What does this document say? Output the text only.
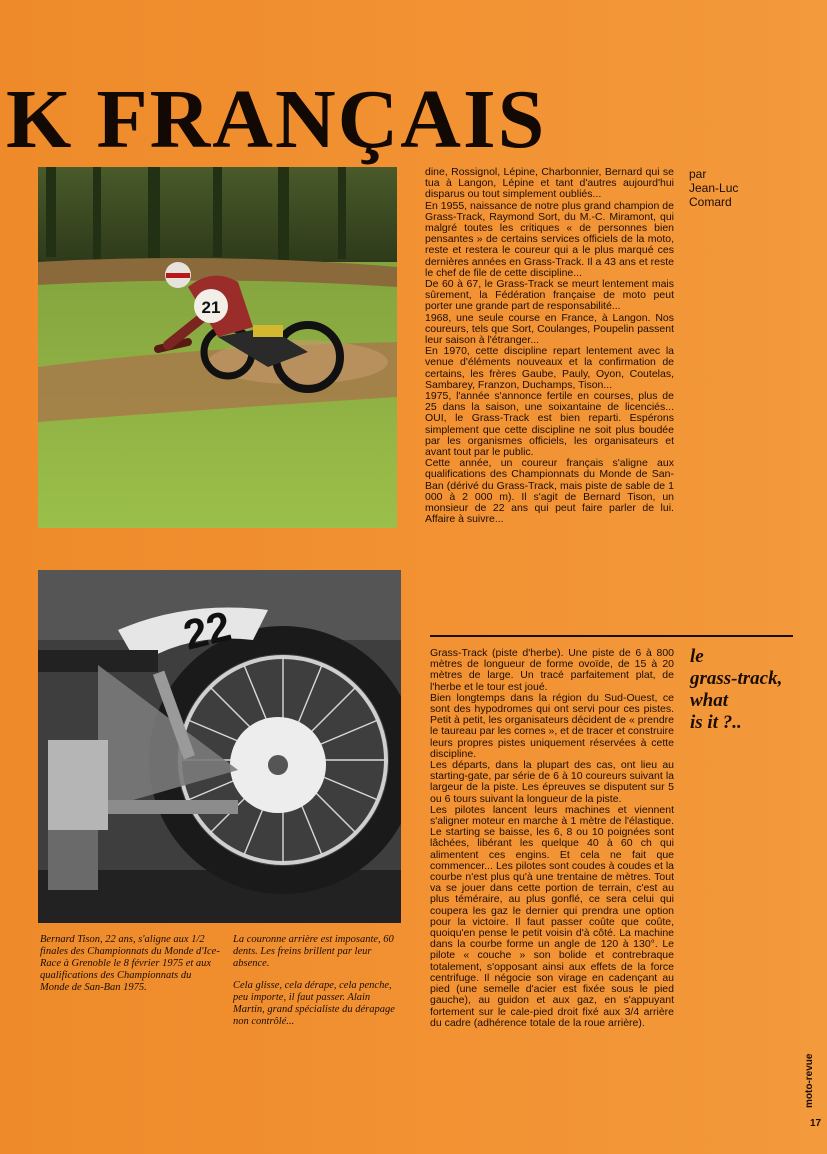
K FRANÇAIS
21
22

dine, Rossignol, Lépine, Charbonnier, Bernard qui se tua à Langon, Lépine et tant d'autres aujourd'hui disparus ou tout simplement oubliés...

En 1955, naissance de notre plus grand champion de Grass-Track, Raymond Sort, du M.-C. Miramont, qui malgré toutes les critiques « de personnes bien pensantes » de certains services officiels de la moto, reste et restera le coureur qui a le plus marqué ces dernières années en Grass-Track. Il a 43 ans et reste le chef de file de cette discipline...

De 60 à 67, le Grass-Track se meurt lentement mais sûrement, la Fédération française de moto peut porter une grande part de responsabilité...

1968, une seule course en France, à Langon. Nos coureurs, tels que Sort, Coulanges, Poupelin passent leur saison à l'étranger...

En 1970, cette discipline repart lentement avec la venue d'éléments nouveaux et la confirmation de certains, les frères Gaube, Pauly, Oyon, Coutelas, Sambarey, Franzon, Duchamps, Tison...

1975, l'année s'annonce fertile en courses, plus de 25 dans la saison, une soixantaine de licenciés... OUI, le Grass-Track est bien reparti. Espérons simplement que cette discipline ne soit plus boudée par les organismes officiels, les organisateurs et avant tout par le public.

Cette année, un coureur français s'aligne aux qualifications des Championnats du Monde de San-Ban (dérivé du Grass-Track, mais piste de sable de 1 000 à 2 000 m). Il s'agit de Bernard Tison, un monsieur de 22 ans qui peut faire parler de lui. Affaire à suivre...

par
Jean-Luc
Comard
le
grass-track,
what
is it ?..

Grass-Track (piste d'herbe). Une piste de 6 à 800 mètres de longueur de forme ovoïde, de 15 à 20 mètres de large. Un tracé parfaitement plat, de l'herbe et le tour est joué.

Bien longtemps dans la région du Sud-Ouest, ce sont des hypodromes qui ont servi pour ces pistes. Petit à petit, les organisateurs décident de « prendre le taureau par les cornes », et de tracer et construire leurs propres pistes uniquement réservées à cette discipline.

Les départs, dans la plupart des cas, ont lieu au starting-gate, par série de 6 à 10 coureurs suivant la largeur de la piste. Les épreuves se disputent sur 5 ou 6 tours suivant la longueur de la piste.

Les pilotes lancent leurs machines et viennent s'aligner moteur en marche à 1 mètre de l'élastique. Le starting se baisse, les 6, 8 ou 10 poignées sont lâchées, libérant les quelque 40 à 60 ch qui alimentent ces engins. Et cela ne fait que commencer... Les pilotes sont coudes à coudes et la courbe n'est plus qu'à une trentaine de mètres. Tout va se jouer dans cette portion de terrain, c'est au plus téméraire, au plus gonflé, ce sera celui qui coupera les gaz le dernier qui prendra une option pour la victoire. Il faut passer coûte que coûte, quoiqu'en pense le petit voisin d'à côté. La machine dans la courbe forme un angle de 120 à 130°. Le pilote « couche » son bolide et contrebraque totalement, s'opposant ainsi aux effets de la force centrifuge. Il négocie son virage en cadençant au pied (une semelle d'acier est fixée sous le pied gauche), au guidon et aux gaz, en s'appuyant fortement sur le cale-pied droit fixé aux 3/4 arrière du cadre (adhérence totale de la roue arrière).

Bernard Tison, 22 ans, s'aligne aux 1/2 finales des Championnats du Monde d'Ice-Race à Grenoble le 8 février 1975 et aux qualifications des Championnats du Monde de San-Ban 1975.

La couronne arrière est imposante, 60 dents. Les freins brillent par leur absence.

Cela glisse, cela dérape, cela penche, peu importe, il faut passer. Alain Martin, grand spécialiste du dérapage non contrôlé...

moto-revue
17
